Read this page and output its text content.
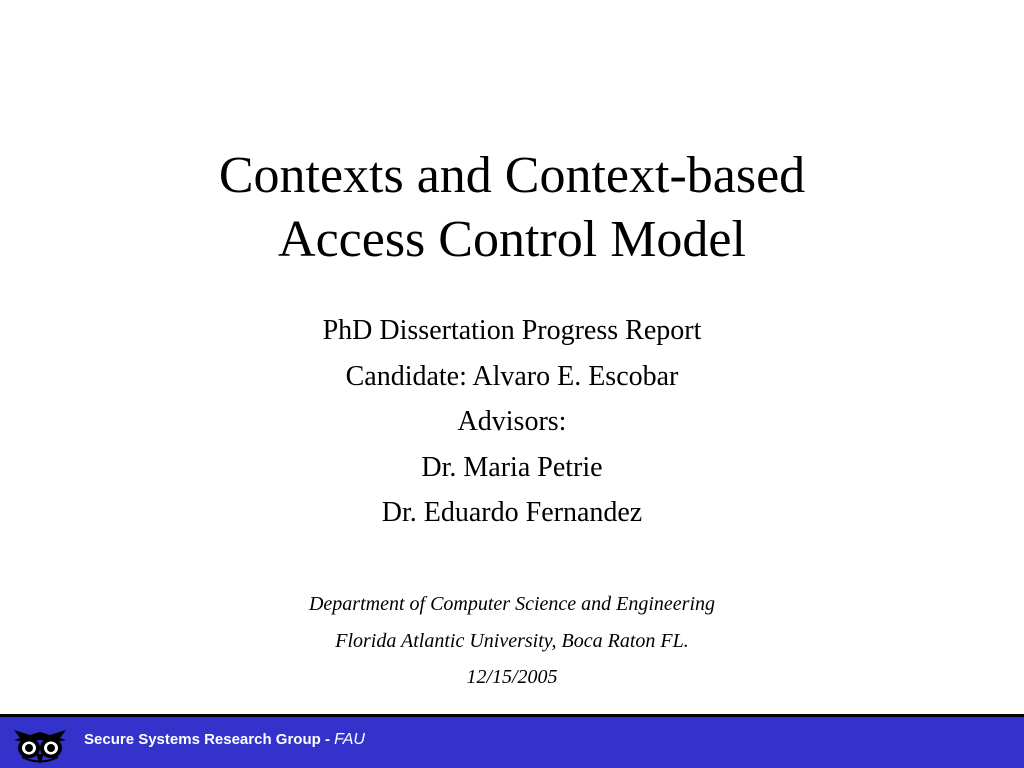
Contexts and Context-based
Access Control Model
PhD Dissertation Progress Report
Candidate: Alvaro E. Escobar
Advisors:
Dr. Maria Petrie
Dr. Eduardo Fernandez
Department of Computer Science and Engineering
Florida Atlantic University, Boca Raton FL.
12/15/2005
Secure Systems Research Group - FAU
